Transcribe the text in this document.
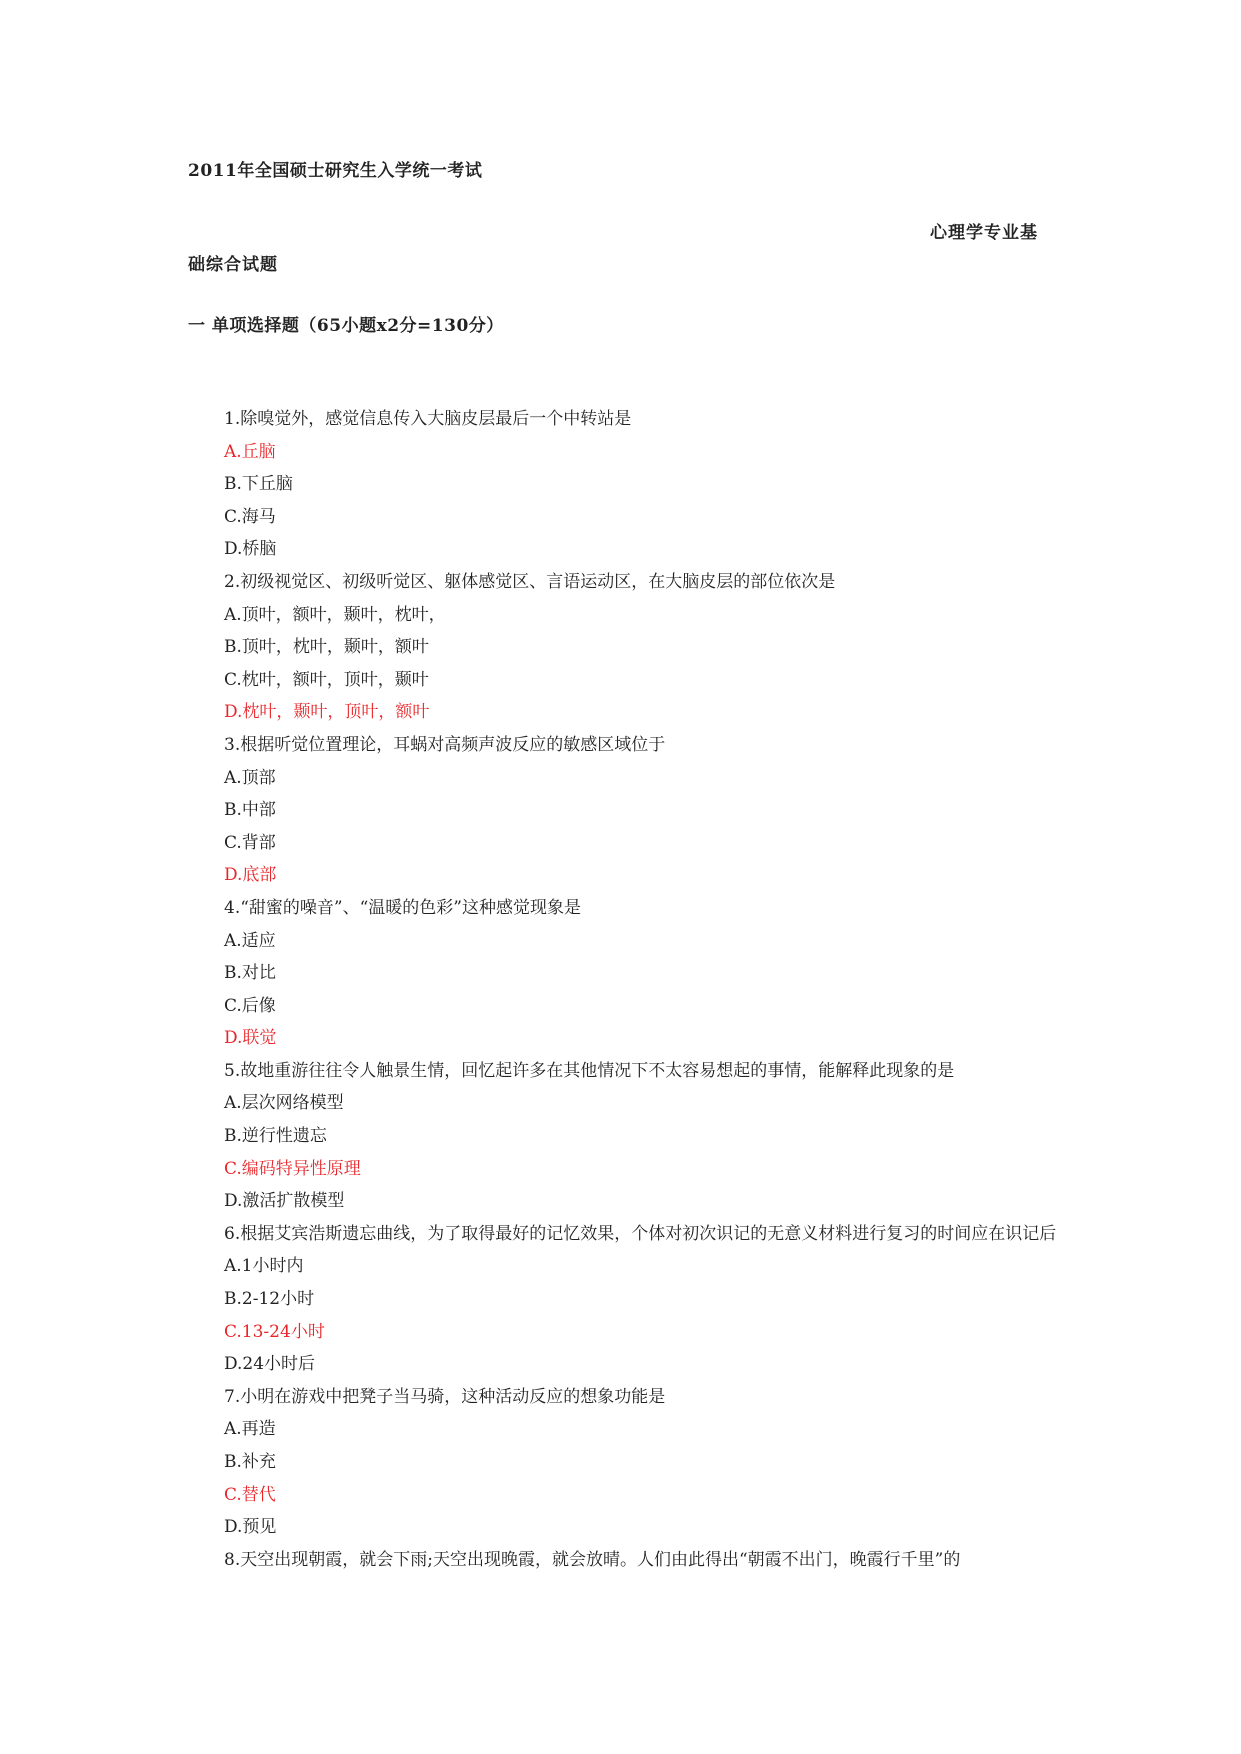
2011年全国硕士研究生入学统一考试
心理学专业基
础综合试题
一 单项选择题（65小题x2分=130分）

1.除嗅觉外，感觉信息传入大脑皮层最后一个中转站是

A.丘脑

B.下丘脑

C.海马

D.桥脑

2.初级视觉区、初级听觉区、躯体感觉区、言语运动区，在大脑皮层的部位依次是

A.顶叶，额叶，颞叶，枕叶，

B.顶叶，枕叶，颞叶，额叶

C.枕叶，额叶，顶叶，颞叶

D.枕叶，颞叶，顶叶，额叶

3.根据听觉位置理论，耳蜗对高频声波反应的敏感区域位于

A.顶部

B.中部

C.背部

D.底部

4.“甜蜜的噪音”、“温暖的色彩”这种感觉现象是

A.适应

B.对比

C.后像

D.联觉

5.故地重游往往令人触景生情，回忆起许多在其他情况下不太容易想起的事情，能解释此现象的是

A.层次网络模型

B.逆行性遗忘

C.编码特异性原理

D.激活扩散模型

6.根据艾宾浩斯遗忘曲线，为了取得最好的记忆效果，个体对初次识记的无意义材料进行复习的时间应在识记后

A.1小时内

B.2-12小时

C.13-24小时

D.24小时后

7.小明在游戏中把凳子当马骑，这种活动反应的想象功能是

A.再造

B.补充

C.替代

D.预见

8.天空出现朝霞，就会下雨;天空出现晚霞，就会放晴。人们由此得出“朝霞不出门，晚霞行千里”的
